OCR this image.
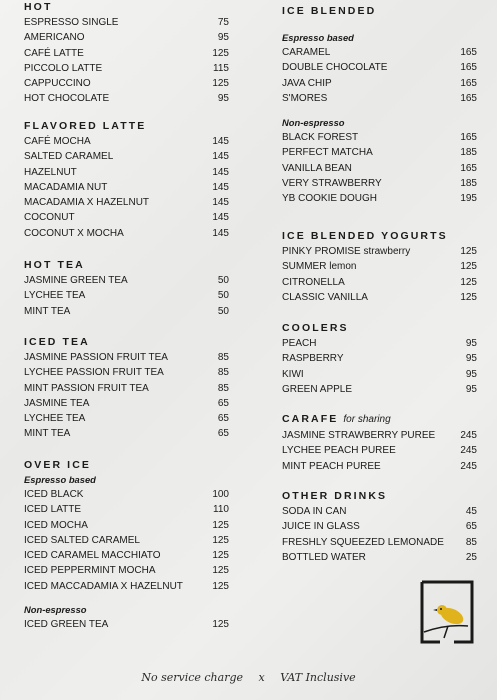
HOT
ESPRESSO SINGLE	75
AMERICANO	95
CAFÉ LATTE	125
PICCOLO LATTE	115
CAPPUCCINO	125
HOT CHOCOLATE	95
FLAVORED LATTE
CAFÉ MOCHA	145
SALTED CARAMEL	145
HAZELNUT	145
MACADAMIA NUT	145
MACADAMIA X HAZELNUT	145
COCONUT	145
COCONUT X MOCHA	145
HOT TEA
JASMINE GREEN TEA	50
LYCHEE TEA	50
MINT TEA	50
ICED TEA
JASMINE PASSION FRUIT TEA	85
LYCHEE PASSION FRUIT TEA	85
MINT PASSION FRUIT TEA	85
JASMINE TEA	65
LYCHEE TEA	65
MINT TEA	65
OVER ICE
Espresso based
ICED BLACK	100
ICED LATTE	110
ICED MOCHA	125
ICED SALTED CARAMEL	125
ICED CARAMEL MACCHIATO	125
ICED PEPPERMINT MOCHA	125
ICED MACCADAMIA X HAZELNUT	125
Non-espresso
ICED GREEN TEA	125
ICE BLENDED
Espresso based
CARAMEL	165
DOUBLE CHOCOLATE	165
JAVA CHIP	165
S'MORES	165
Non-espresso
BLACK FOREST	165
PERFECT MATCHA	185
VANILLA BEAN	165
VERY STRAWBERRY	185
YB COOKIE DOUGH	195
ICE BLENDED YOGURTS
PINKY PROMISE strawberry	125
SUMMER lemon	125
CITRONELLA	125
CLASSIC VANILLA	125
COOLERS
PEACH	95
RASPBERRY	95
KIWI	95
GREEN APPLE	95
CARAFE for sharing
JASMINE STRAWBERRY PUREE	245
LYCHEE PEACH PUREE	245
MINT PEACH PUREE	245
OTHER DRINKS
SODA IN CAN	45
JUICE IN GLASS	65
FRESHLY SQUEEZED LEMONADE	85
BOTTLED WATER	25
No service charge x VAT Inclusive
